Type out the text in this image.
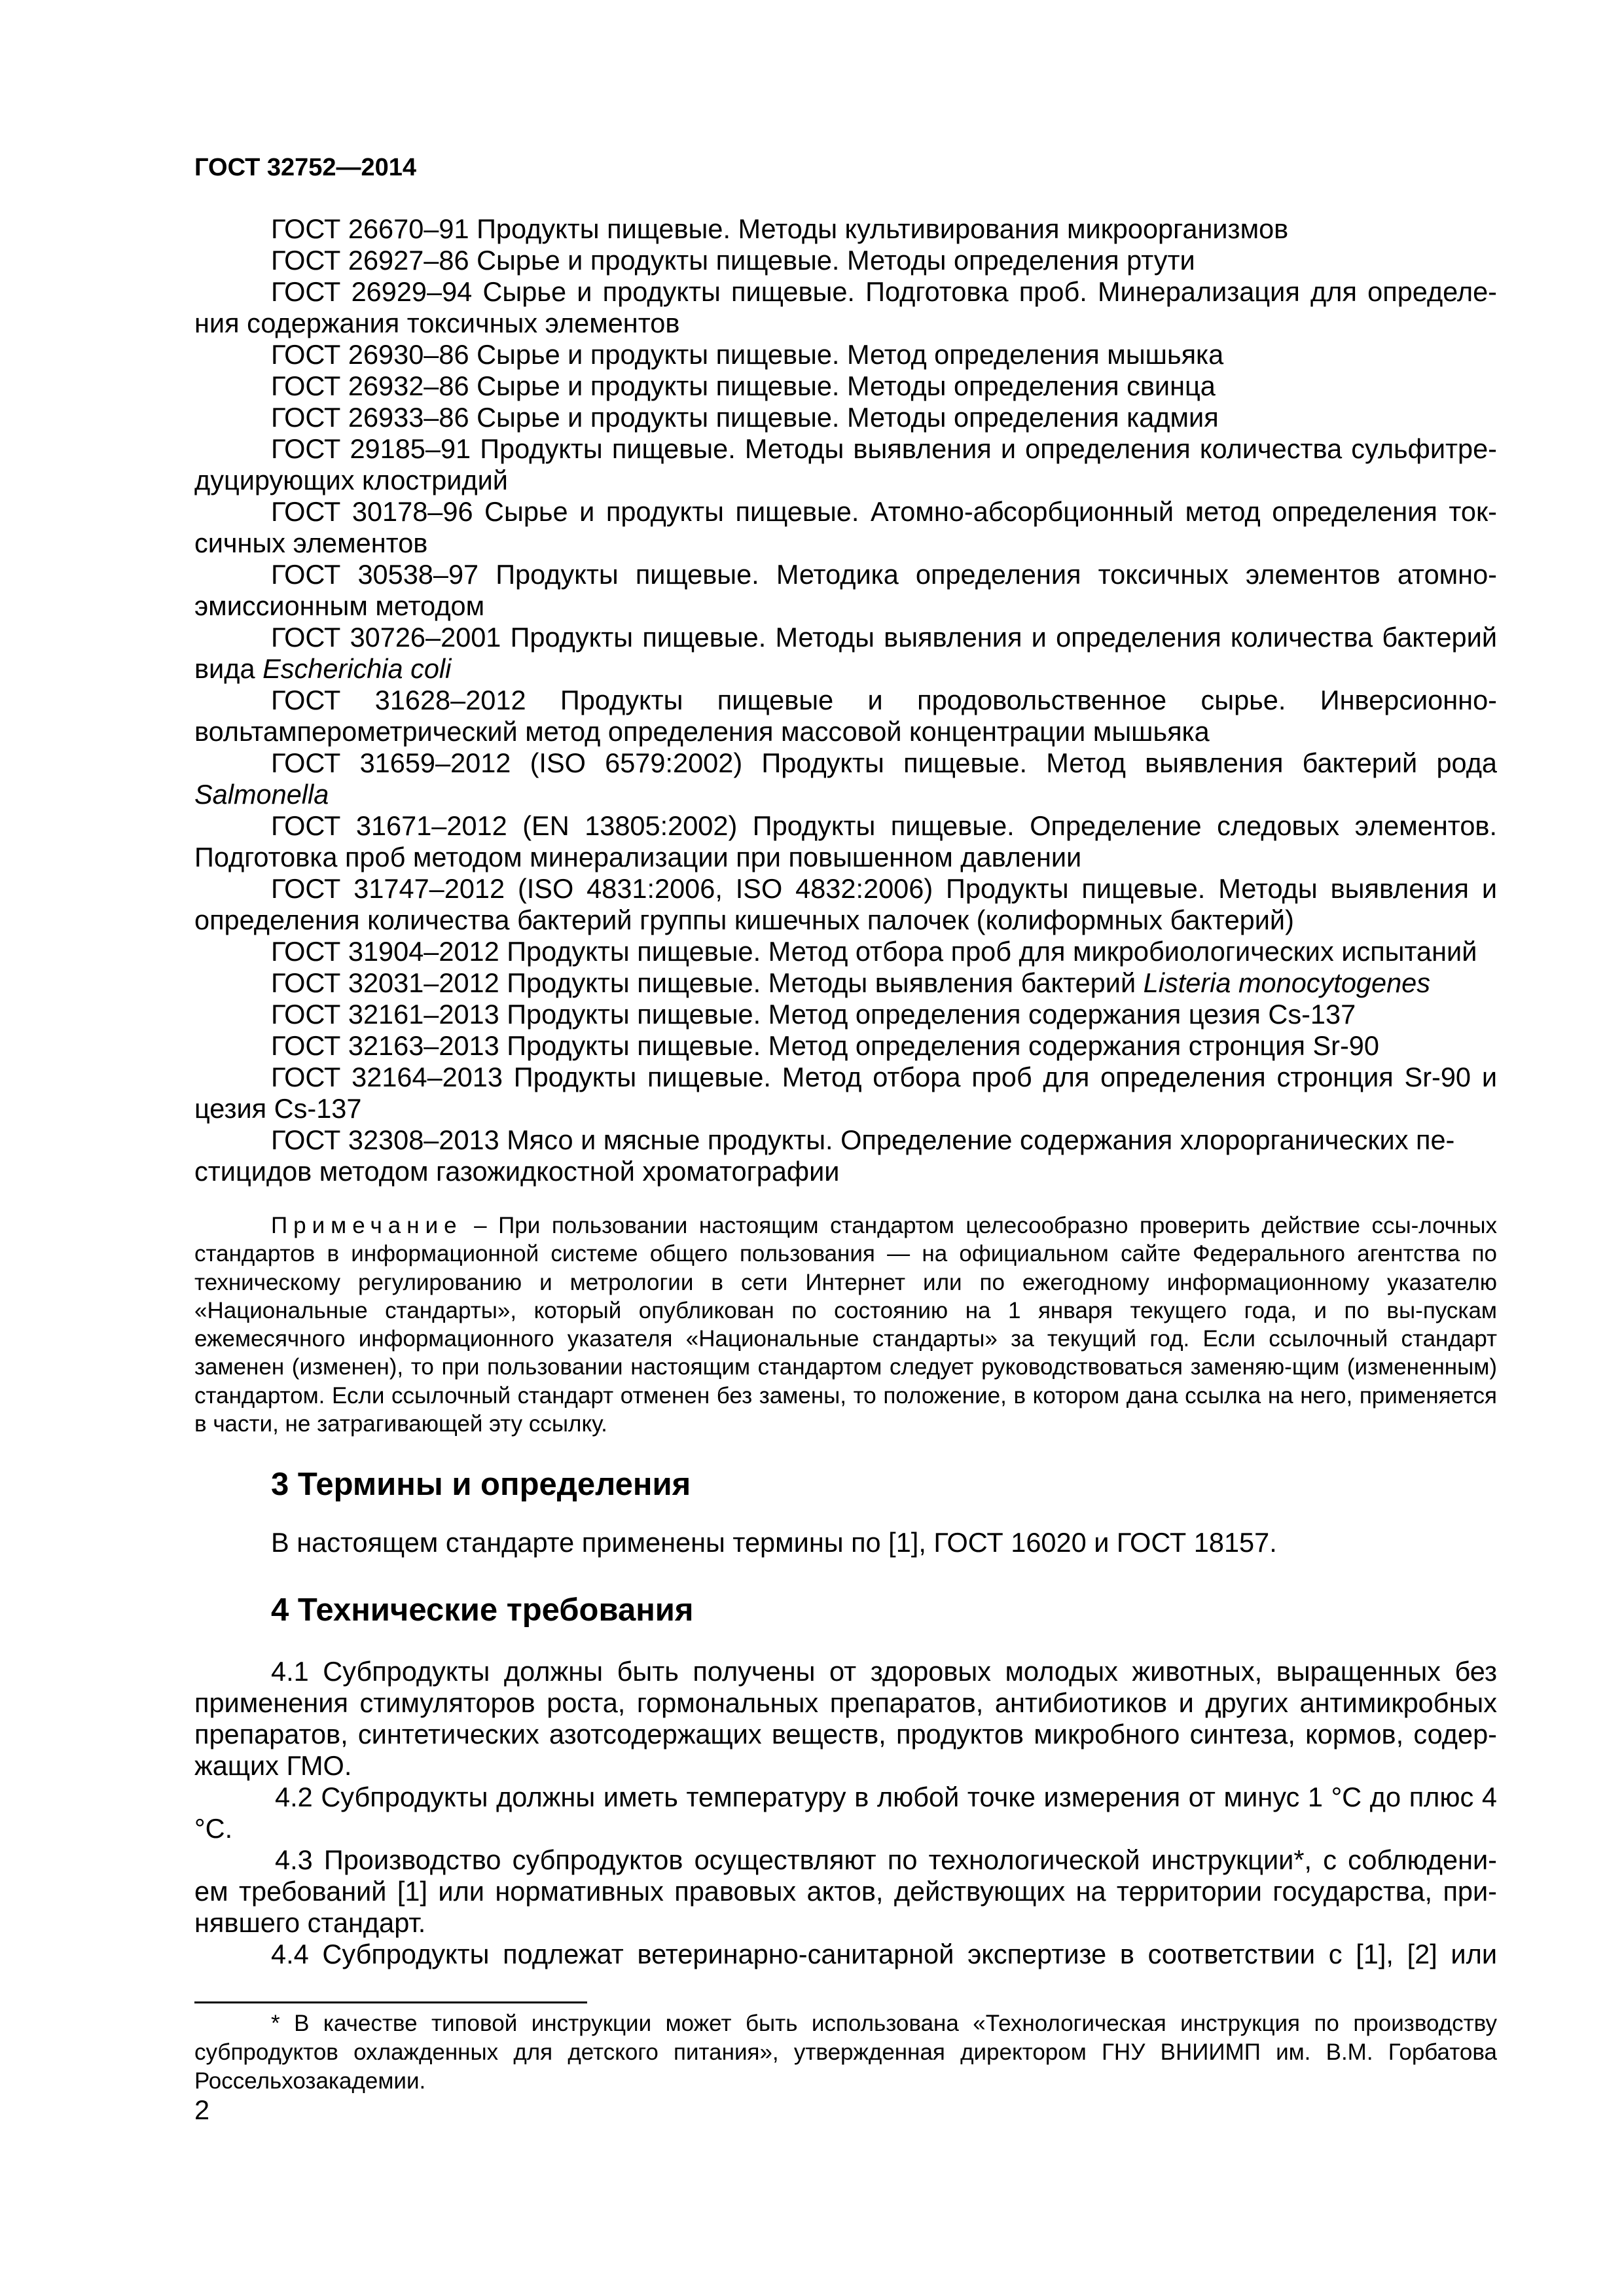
ГОСТ 32752—2014

ГОСТ 26670–91 Продукты пищевые. Методы культивирования микроорганизмов

ГОСТ 26927–86 Сырье и продукты пищевые. Методы определения ртути

ГОСТ 26929–94 Сырье и продукты пищевые. Подготовка проб. Минерализация для определе-ния содержания токсичных элементов

ГОСТ 26930–86 Сырье и продукты пищевые. Метод определения мышьяка

ГОСТ 26932–86 Сырье и продукты пищевые. Методы определения свинца

ГОСТ 26933–86 Сырье и продукты пищевые. Методы определения кадмия

ГОСТ 29185–91 Продукты пищевые. Методы выявления и определения количества сульфитре-дуцирующих клостридий

ГОСТ 30178–96 Сырье и продукты пищевые. Атомно-абсорбционный метод определения ток-сичных элементов

ГОСТ 30538–97 Продукты пищевые. Методика определения токсичных элементов атомно-эмиссионным методом

ГОСТ 30726–2001 Продукты пищевые. Методы выявления и определения количества бактерий вида Escherichia coli

ГОСТ 31628–2012 Продукты пищевые и продовольственное сырье. Инверсионно-вольтамперометрический метод определения массовой концентрации мышьяка

ГОСТ 31659–2012 (ISO 6579:2002) Продукты пищевые. Метод выявления бактерий рода Salmonella

ГОСТ 31671–2012 (EN 13805:2002) Продукты пищевые. Определение следовых элементов. Подготовка проб методом минерализации при повышенном давлении

ГОСТ 31747–2012 (ISO 4831:2006, ISO 4832:2006) Продукты пищевые. Методы выявления и определения количества бактерий группы кишечных палочек (колиформных бактерий)

ГОСТ 31904–2012 Продукты пищевые. Метод отбора проб для микробиологических испытаний

ГОСТ 32031–2012 Продукты пищевые. Методы выявления бактерий Listeria monocytogenes

ГОСТ 32161–2013 Продукты пищевые. Метод определения содержания цезия Cs-137

ГОСТ 32163–2013 Продукты пищевые. Метод определения содержания стронция Sr-90

ГОСТ 32164–2013 Продукты пищевые. Метод отбора проб для определения стронция Sr-90 и цезия Cs-137

ГОСТ 32308–2013 Мясо и мясные продукты. Определение содержания хлорорганических пе-стицидов методом газожидкостной хроматографии

Примечание – При пользовании настоящим стандартом целесообразно проверить действие ссы-лочных стандартов в информационной системе общего пользования — на официальном сайте Федерального агентства по техническому регулированию и метрологии в сети Интернет или по ежегодному информационному указателю «Национальные стандарты», который опубликован по состоянию на 1 января текущего года, и по вы-пускам ежемесячного информационного указателя «Национальные стандарты» за текущий год. Если ссылочный стандарт заменен (изменен), то при пользовании настоящим стандартом следует руководствоваться заменяю-щим (измененным) стандартом. Если ссылочный стандарт отменен без замены, то положение, в котором дана ссылка на него, применяется в части, не затрагивающей эту ссылку.

3 Термины и определения

В настоящем стандарте применены термины по [1], ГОСТ 16020 и ГОСТ 18157.

4 Технические требования

4.1 Субпродукты должны быть получены от здоровых молодых животных, выращенных без применения стимуляторов роста, гормональных препаратов, антибиотиков и других антимикробных препаратов, синтетических азотсодержащих веществ, продуктов микробного синтеза, кормов, содер-жащих ГМО.

4.2 Субпродукты должны иметь температуру в любой точке измерения от минус 1 °С до плюс 4 °С.

4.3 Производство субпродуктов осуществляют по технологической инструкции*, с соблюдени-ем требований [1] или нормативных правовых актов, действующих на территории государства, при-нявшего стандарт.

4.4 Субпродукты подлежат ветеринарно-санитарной экспертизе в соответствии с [1], [2] или

* В качестве типовой инструкции может быть использована «Технологическая инструкция по производству субпродуктов охлажденных для детского питания», утвержденная директором ГНУ ВНИИМП им. В.М. Горбатова Россельхозакадемии.

2
